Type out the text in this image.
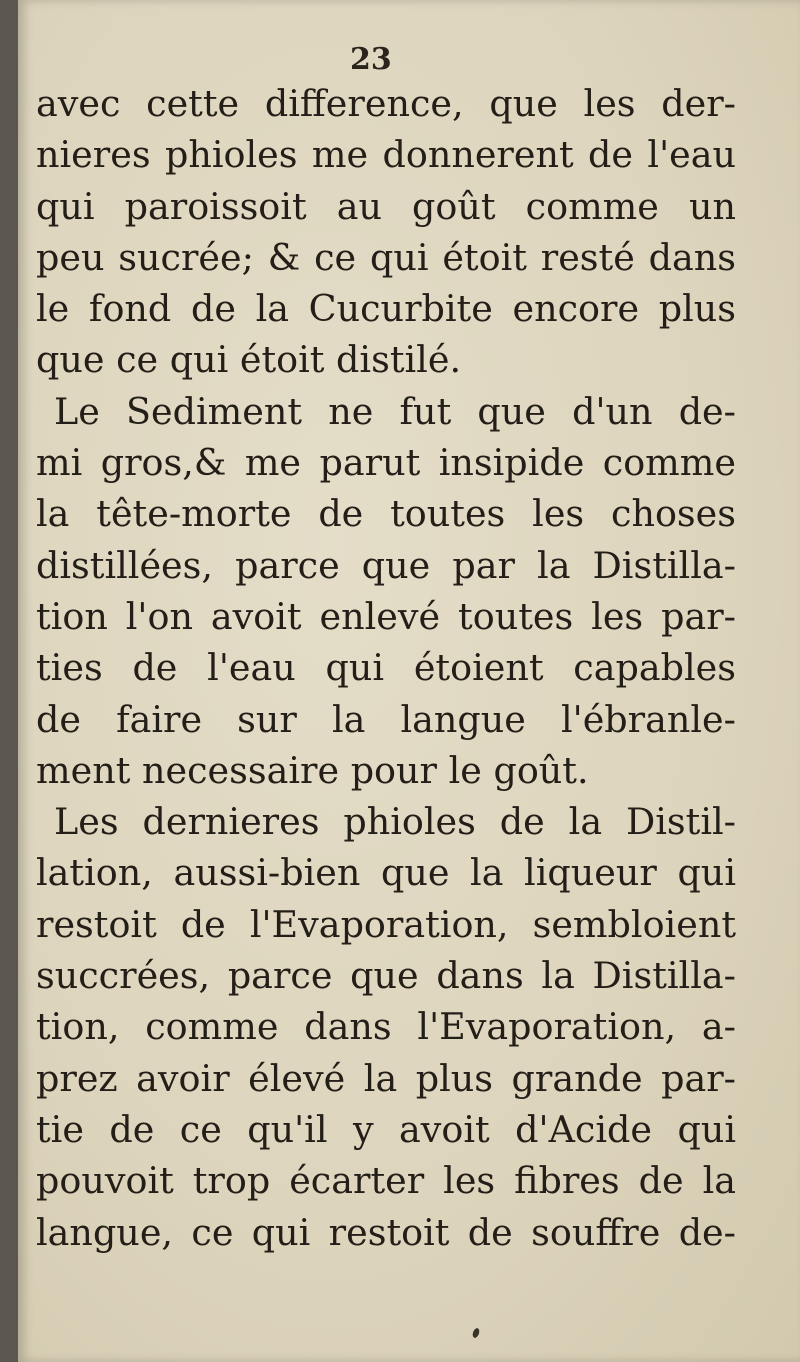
23
avec cette difference, que les der-
nieres phioles me donnerent de l'eau
qui paroissoit au goût comme un
peu sucrée; & ce qui étoit resté dans
le fond de la Cucurbite encore plus
que ce qui étoit distilé.
Le Sediment ne fut que d'un de-
mi gros,& me parut insipide comme
la tête-morte de toutes les choses
distillées, parce que par la Distilla-
tion l'on avoit enlevé toutes les par-
ties de l'eau qui étoient capables
de faire sur la langue l'ébranle-
ment necessaire pour le goût.
Les dernieres phioles de la Distil-
lation, aussi-bien que la liqueur qui
restoit de l'Evaporation, sembloient
succrées, parce que dans la Distilla-
tion, comme dans l'Evaporation, a-
prez avoir élevé la plus grande par-
tie de ce qu'il y avoit d'Acide qui
pouvoit trop écarter les fibres de la
langue, ce qui restoit de souffre de-
